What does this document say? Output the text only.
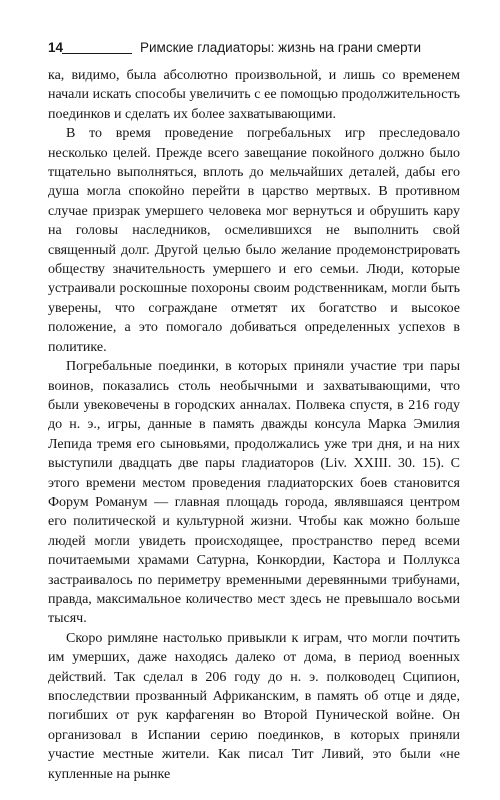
14	Римские гладиаторы: жизнь на грани смерти

ка, видимо, была абсолютно произвольной, и лишь со временем начали искать способы увеличить с ее помощью продолжительность поединков и сделать их более захватывающими.

В то время проведение погребальных игр преследовало несколько целей. Прежде всего завещание покойного должно было тщательно выполняться, вплоть до мельчайших деталей, дабы его душа могла спокойно перейти в царство мертвых. В противном случае призрак умершего человека мог вернуться и обрушить кару на головы наследников, осмелившихся не выполнить свой священный долг. Другой целью было желание продемонстрировать обществу значительность умершего и его семьи. Люди, которые устраивали роскошные похороны своим родственникам, могли быть уверены, что сограждане отметят их богатство и высокое положение, а это помогало добиваться определенных успехов в политике.

Погребальные поединки, в которых приняли участие три пары воинов, показались столь необычными и захватывающими, что были увековечены в городских анналах. Полвека спустя, в 216 году до н. э., игры, данные в память дважды консула Марка Эмилия Лепида тремя его сыновьями, продолжались уже три дня, и на них выступили двадцать две пары гладиаторов (Liv. XXIII. 30. 15). С этого времени местом проведения гладиаторских боев становится Форум Романум — главная площадь города, являвшаяся центром его политической и культурной жизни. Чтобы как можно больше людей могли увидеть происходящее, пространство перед всеми почитаемыми храмами Сатурна, Конкордии, Кастора и Поллукса застраивалось по периметру временными деревянными трибунами, правда, максимальное количество мест здесь не превышало восьми тысяч.

Скоро римляне настолько привыкли к играм, что могли почтить им умерших, даже находясь далеко от дома, в период военных действий. Так сделал в 206 году до н. э. полководец Сципион, впоследствии прозванный Африканским, в память об отце и дяде, погибших от рук карфагенян во Второй Пунической войне. Он организовал в Испании серию поединков, в которых приняли участие местные жители. Как писал Тит Ливий, это были «не купленные на рынке
